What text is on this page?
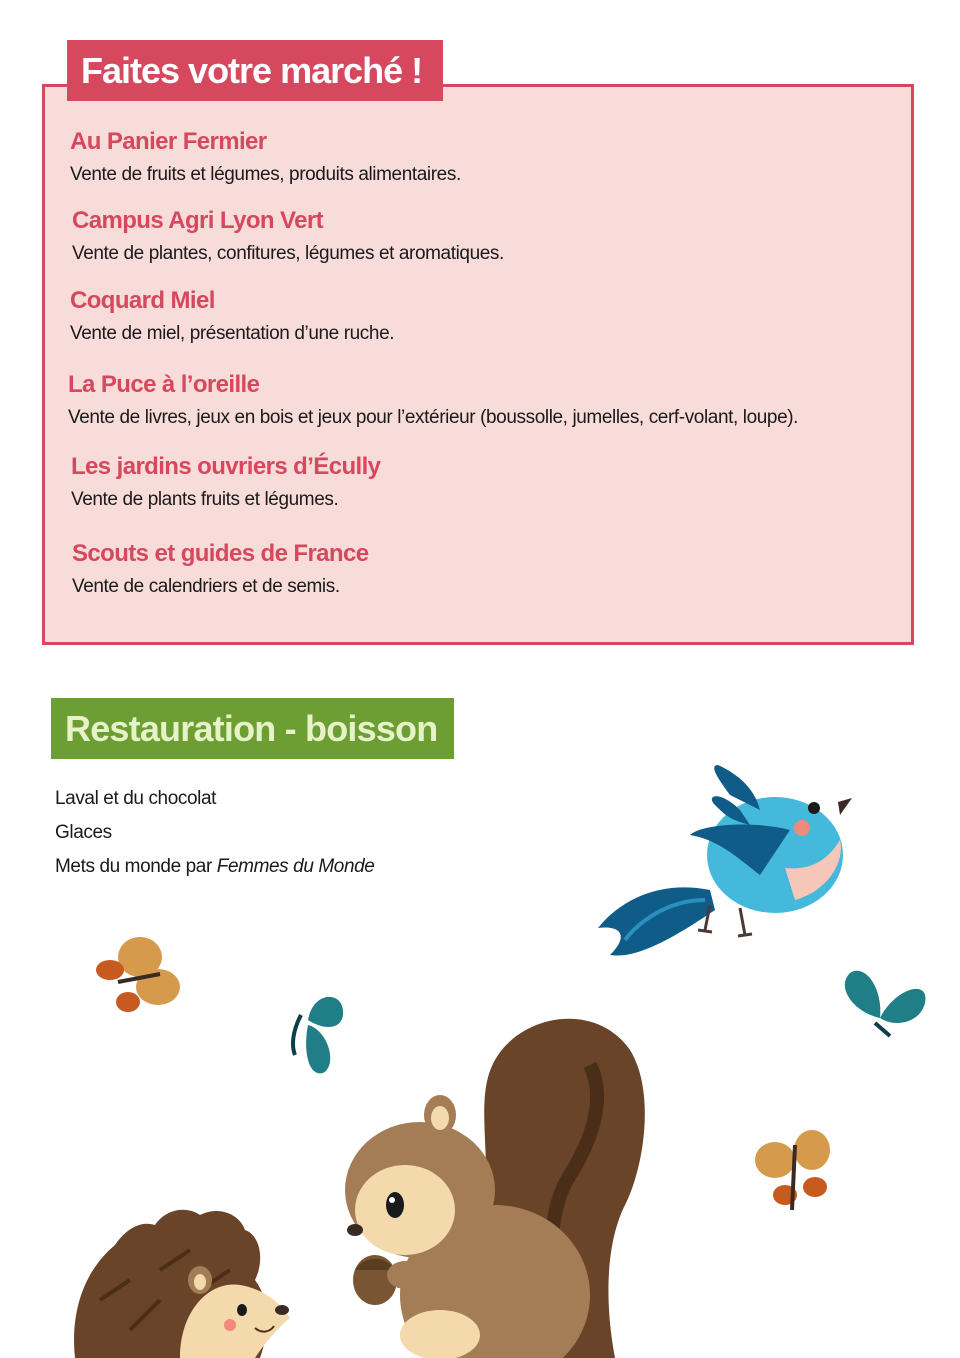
Faites votre marché !
Au Panier Fermier
Vente de fruits et légumes, produits alimentaires.
Campus Agri Lyon Vert
Vente de plantes, confitures, légumes et aromatiques.
Coquard Miel
Vente de miel, présentation d’une ruche.
La Puce à l’oreille
Vente de livres, jeux en bois et jeux pour l’extérieur (boussolle, jumelles, cerf-volant, loupe).
Les jardins ouvriers d’Écully
Vente de plants fruits et légumes.
Scouts et guides de France
Vente de calendriers et de semis.
Restauration - boisson
Laval et du chocolat
Glaces
Mets du monde par Femmes du Monde
